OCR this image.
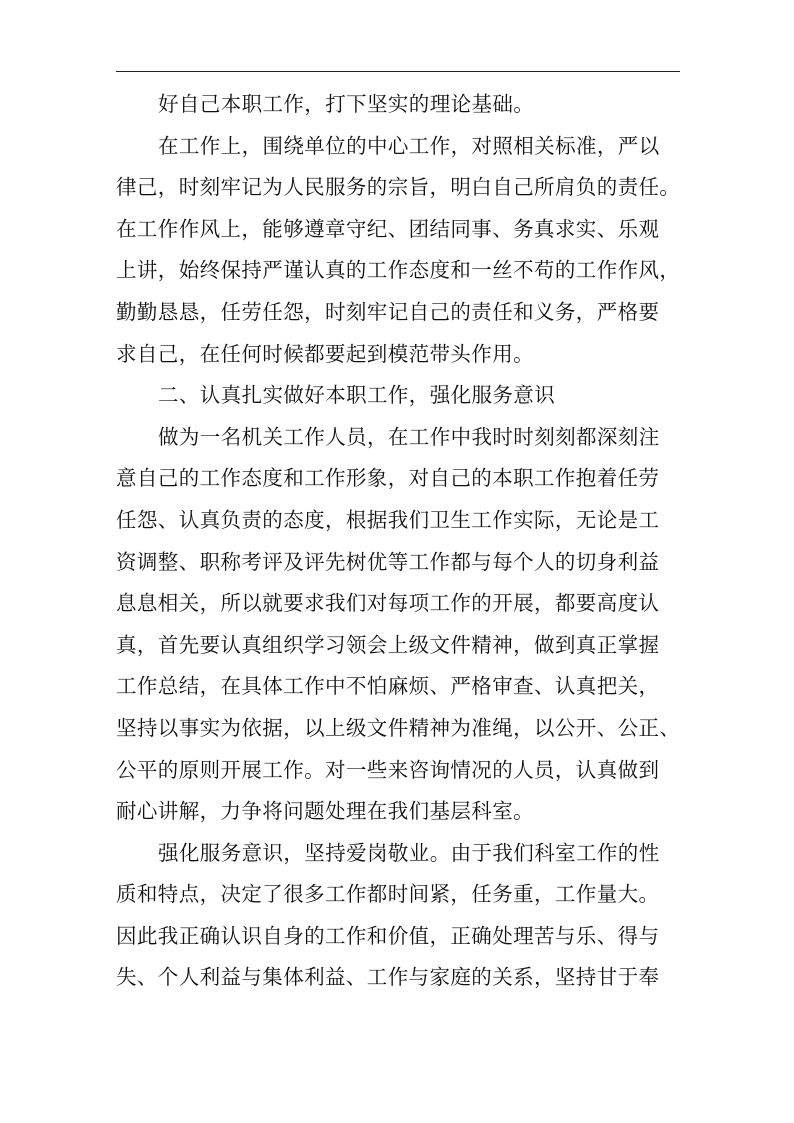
好自己本职工作，打下坚实的理论基础。
在工作上，围绕单位的中心工作，对照相关标准，严以
律己，时刻牢记为人民服务的宗旨，明白自己所肩负的责任。
在工作作风上，能够遵章守纪、团结同事、务真求实、乐观
上讲，始终保持严谨认真的工作态度和一丝不苟的工作作风，
勤勤恳恳，任劳任怨，时刻牢记自己的责任和义务，严格要
求自己，在任何时候都要起到模范带头作用。
二、认真扎实做好本职工作，强化服务意识
做为一名机关工作人员，在工作中我时时刻刻都深刻注
意自己的工作态度和工作形象，对自己的本职工作抱着任劳
任怨、认真负责的态度，根据我们卫生工作实际，无论是工
资调整、职称考评及评先树优等工作都与每个人的切身利益
息息相关，所以就要求我们对每项工作的开展，都要高度认
真，首先要认真组织学习领会上级文件精神，做到真正掌握
工作总结，在具体工作中不怕麻烦、严格审查、认真把关，
坚持以事实为依据，以上级文件精神为准绳，以公开、公正、
公平的原则开展工作。对一些来咨询情况的人员，认真做到
耐心讲解，力争将问题处理在我们基层科室。
强化服务意识，坚持爱岗敬业。由于我们科室工作的性
质和特点，决定了很多工作都时间紧，任务重，工作量大。
因此我正确认识自身的工作和价值，正确处理苦与乐、得与
失、个人利益与集体利益、工作与家庭的关系，坚持甘于奉
